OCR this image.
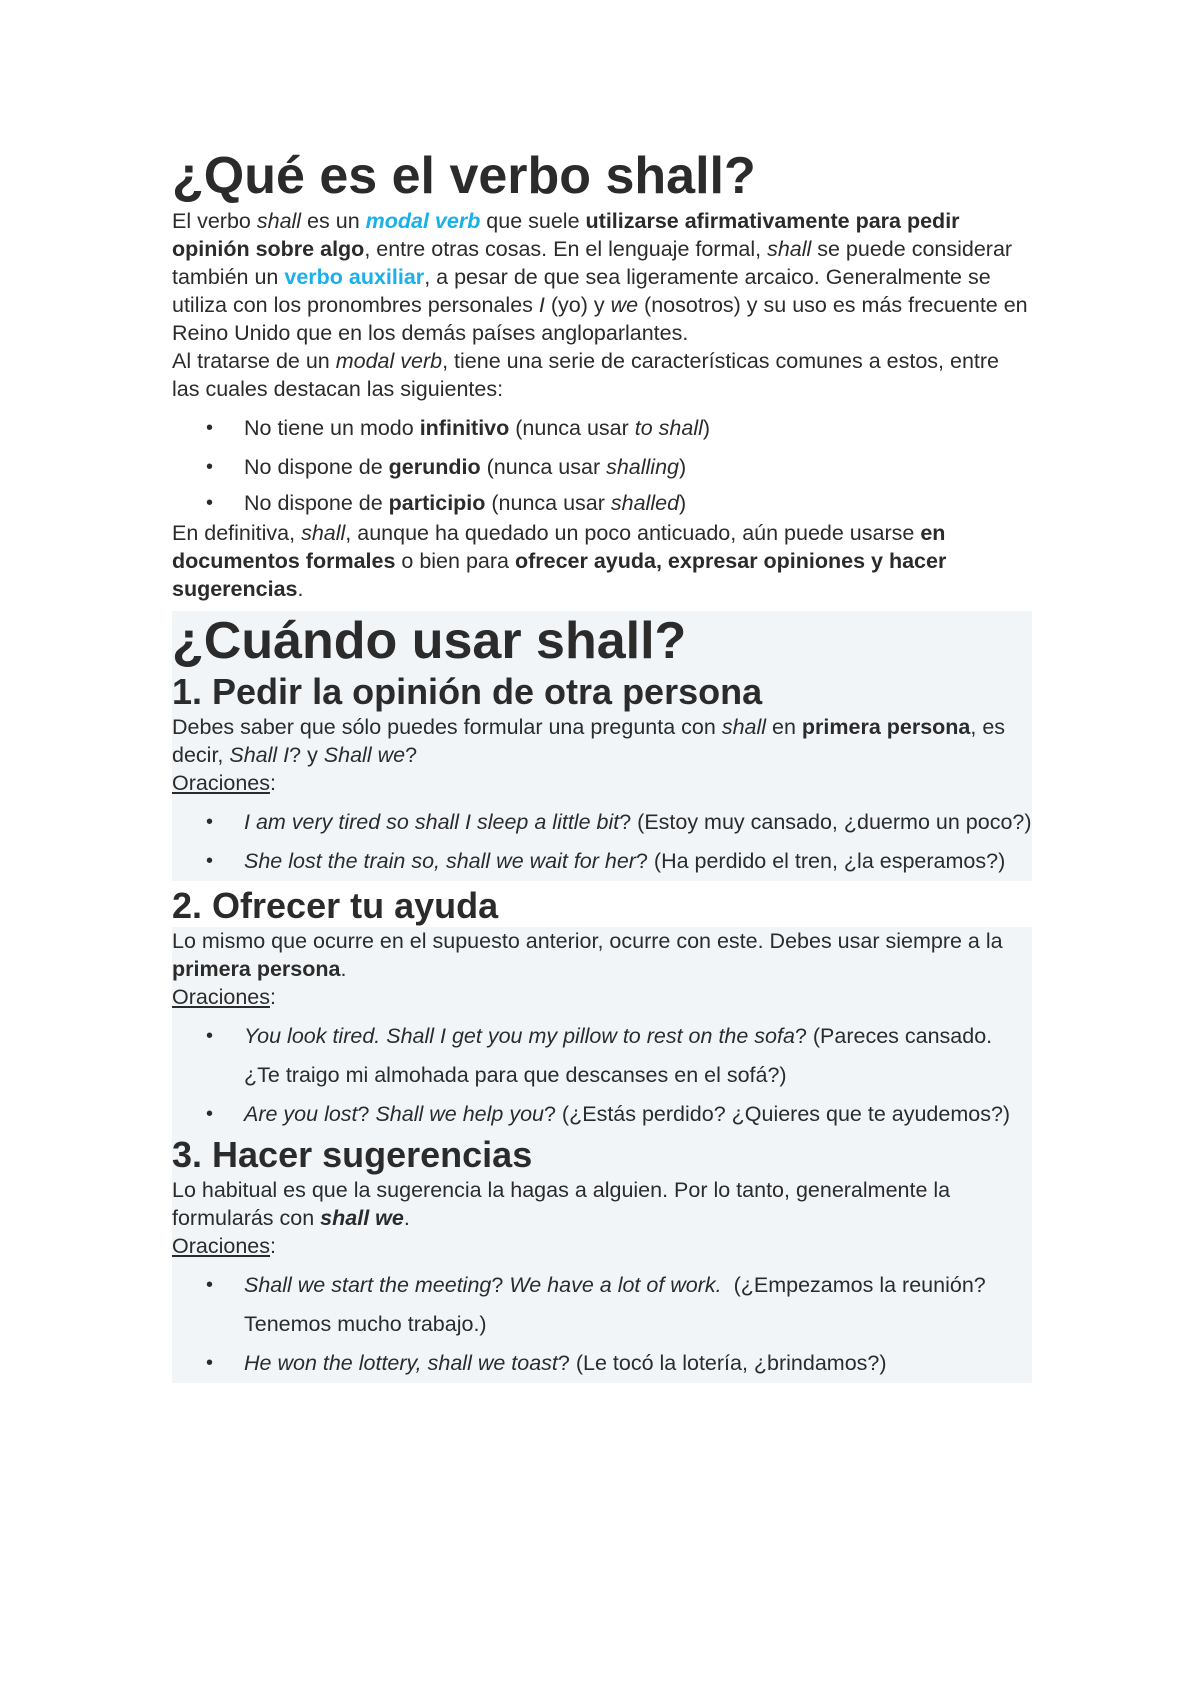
¿Qué es el verbo shall?

El verbo shall es un modal verb que suele utilizarse afirmativamente para pedir opinión sobre algo, entre otras cosas. En el lenguaje formal, shall se puede considerar también un verbo auxiliar, a pesar de que sea ligeramente arcaico. Generalmente se utiliza con los pronombres personales I (yo) y we (nosotros) y su uso es más frecuente en Reino Unido que en los demás países angloparlantes.

Al tratarse de un modal verb, tiene una serie de características comunes a estos, entre las cuales destacan las siguientes:

• No tiene un modo infinitivo (nunca usar to shall)
• No dispone de gerundio (nunca usar shalling)
• No dispone de participio (nunca usar shalled)

En definitiva, shall, aunque ha quedado un poco anticuado, aún puede usarse en documentos formales o bien para ofrecer ayuda, expresar opiniones y hacer sugerencias.

¿Cuándo usar shall?
1. Pedir la opinión de otra persona

Debes saber que sólo puedes formular una pregunta con shall en primera persona, es decir, Shall I? y Shall we?

Oraciones:

• I am very tired so shall I sleep a little bit? (Estoy muy cansado, ¿duermo un poco?)
• She lost the train so, shall we wait for her? (Ha perdido el tren, ¿la esperamos?)
2. Ofrecer tu ayuda

Lo mismo que ocurre en el supuesto anterior, ocurre con este. Debes usar siempre a la primera persona.

Oraciones:

• You look tired. Shall I get you my pillow to rest on the sofa? (Pareces cansado. ¿Te traigo mi almohada para que descanses en el sofá?)
• Are you lost? Shall we help you? (¿Estás perdido? ¿Quieres que te ayudemos?)
3. Hacer sugerencias

Lo habitual es que la sugerencia la hagas a alguien. Por lo tanto, generalmente la formularás con shall we.

Oraciones:

• Shall we start the meeting? We have a lot of work.  (¿Empezamos la reunión? Tenemos mucho trabajo.)
• He won the lottery, shall we toast? (Le tocó la lotería, ¿brindamos?)
